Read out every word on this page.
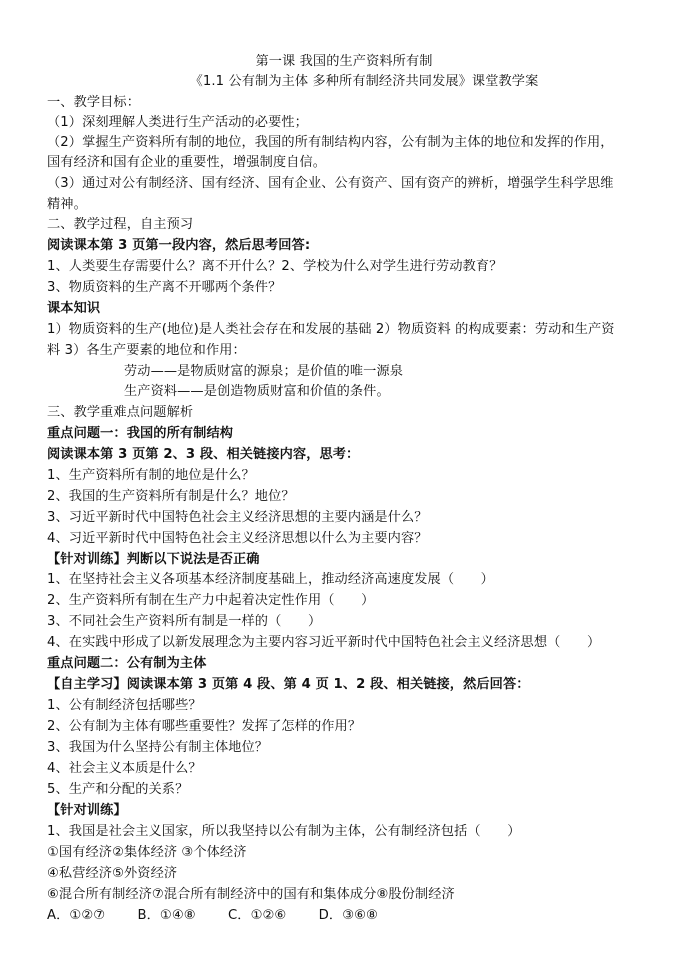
第一课 我国的生产资料所有制
《1.1 公有制为主体 多种所有制经济共同发展》课堂教学案
一、教学目标：
（1）深刻理解人类进行生产活动的必要性；
（2）掌握生产资料所有制的地位，我国的所有制结构内容，公有制为主体的地位和发挥的作用，
国有经济和国有企业的重要性，增强制度自信。
（3）通过对公有制经济、国有经济、国有企业、公有资产、国有资产的辨析，增强学生科学思维
精神。
二、教学过程，自主预习
阅读课本第 3 页第一段内容，然后思考回答:
1、人类要生存需要什么？离不开什么？2、学校为什么对学生进行劳动教育？
3、物质资料的生产离不开哪两个条件？
课本知识
1）物质资料的生产(地位)是人类社会存在和发展的基础 2）物质资料 的构成要素：劳动和生产资
料 3）各生产要素的地位和作用：
劳动——是物质财富的源泉；是价值的唯一源泉
生产资料——是创造物质财富和价值的条件。
三、教学重难点问题解析
重点问题一：我国的所有制结构
阅读课本第 3 页第 2、3 段、相关链接内容，思考：
1、生产资料所有制的地位是什么？
2、我国的生产资料所有制是什么？地位？
3、习近平新时代中国特色社会主义经济思想的主要内涵是什么？
4、习近平新时代中国特色社会主义经济思想以什么为主要内容？
【针对训练】判断以下说法是否正确
1、在坚持社会主义各项基本经济制度基础上，推动经济高速度发展（　　）
2、生产资料所有制在生产力中起着决定性作用（　　）
3、不同社会生产资料所有制是一样的（　　）
4、在实践中形成了以新发展理念为主要内容习近平新时代中国特色社会主义经济思想（　　）
重点问题二：公有制为主体
【自主学习】阅读课本第 3 页第 4 段、第 4 页 1、2 段、相关链接，然后回答：
1、公有制经济包括哪些？
2、公有制为主体有哪些重要性？发挥了怎样的作用？
3、我国为什么坚持公有制主体地位？
4、社会主义本质是什么？
5、生产和分配的关系？
【针对训练】
1、我国是社会主义国家，所以我坚持以公有制为主体，公有制经济包括（　　）
①国有经济②集体经济 ③个体经济
④私营经济⑤外资经济
⑥混合所有制经济⑦混合所有制经济中的国有和集体成分⑧股份制经济
A．①②⑦ B．①④⑧ C．①②⑥ D．③⑥⑧
